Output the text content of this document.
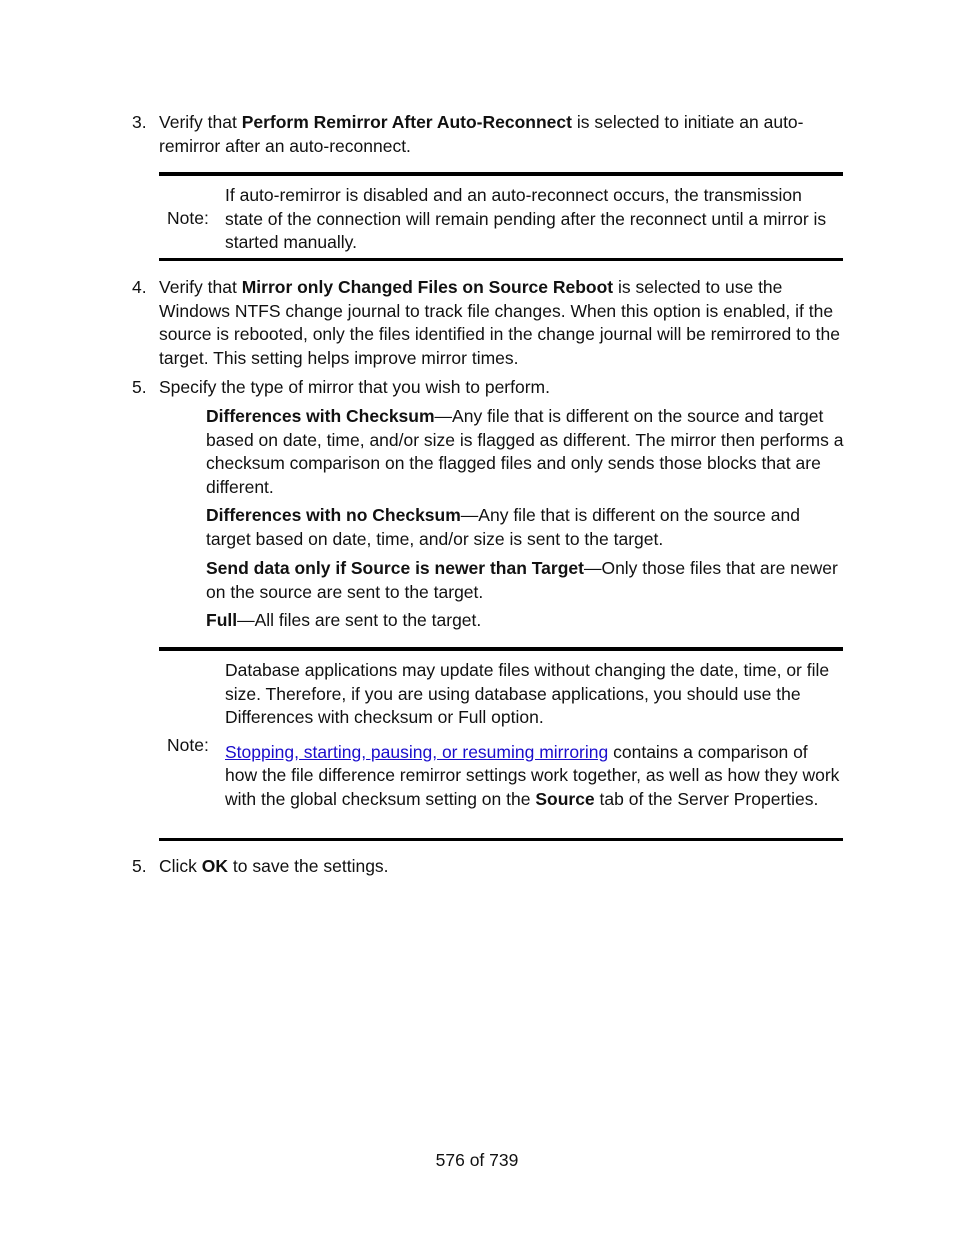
3. Verify that Perform Remirror After Auto-Reconnect is selected to initiate an auto-remirror after an auto-reconnect.
Note:
If auto-remirror is disabled and an auto-reconnect occurs, the transmission state of the connection will remain pending after the reconnect until a mirror is started manually.
4. Verify that Mirror only Changed Files on Source Reboot is selected to use the Windows NTFS change journal to track file changes. When this option is enabled, if the source is rebooted, only the files identified in the change journal will be remirrored to the target. This setting helps improve mirror times.
5. Specify the type of mirror that you wish to perform.
Differences with Checksum—Any file that is different on the source and target based on date, time, and/or size is flagged as different. The mirror then performs a checksum comparison on the flagged files and only sends those blocks that are different.
Differences with no Checksum—Any file that is different on the source and target based on date, time, and/or size is sent to the target.
Send data only if Source is newer than Target—Only those files that are newer on the source are sent to the target.
Full—All files are sent to the target.
Note:

Database applications may update files without changing the date, time, or file size. Therefore, if you are using database applications, you should use the Differences with checksum or Full option.

Stopping, starting, pausing, or resuming mirroring contains a comparison of how the file difference remirror settings work together, as well as how they work with the global checksum setting on the Source tab of the Server Properties.

5. Click OK to save the settings.
576 of 739
